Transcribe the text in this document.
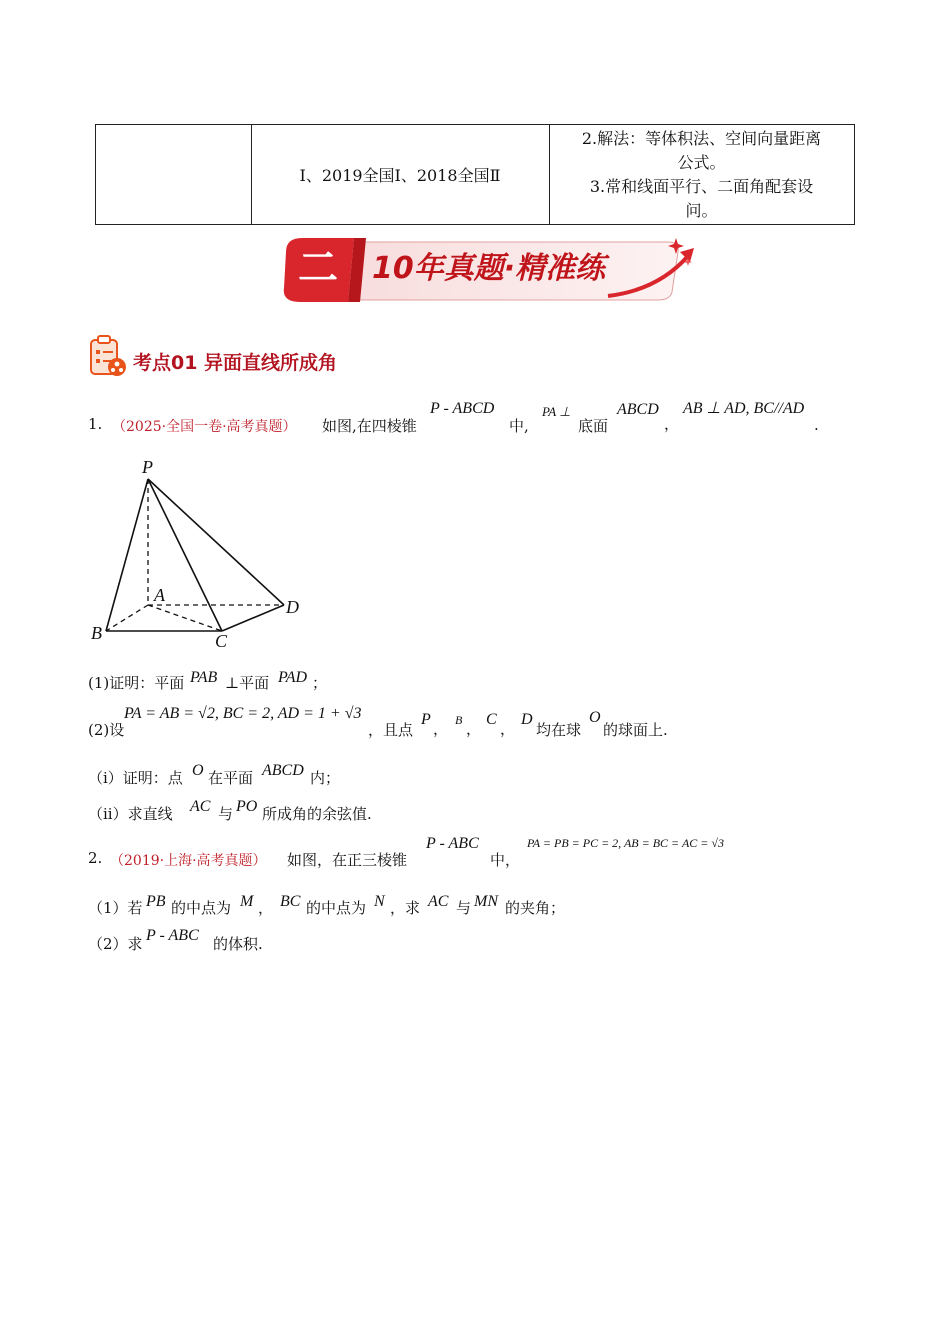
Ⅰ、2019全国Ⅰ、2018全国Ⅱ
2.解法：等体积法、空间向量距离
公式。
3.常和线面平行、二面角配套设
问。
二 10年真题·精准练
考点01 异面直线所成角
1. （2025·全国一卷·高考真题） 如图,在四棱锥
P - ABCD
中,
PA ⊥
底面
ABCD
，
AB ⊥ AD, BC//AD
.
P
A
B	C
D
(1)证明：平面 PAB ⊥平面 PAD ；
(2)设
PA = AB = √2, BC = 2, AD = 1 + √3
，且点
P
， B ，
C
，
D
均在球
O
的球面上.
（i）证明：点 O 在平面 ABCD 内；
（ii）求直线 AC 与 PO 所成角的余弦值.
2. （2019·上海·高考真题） 如图，在正三棱锥
P - ABC
中，
PA = PB = PC = 2, AB = BC = AC = √3
（1）若 PB 的中点为 M ， BC 的中点为 N ，求 AC 与 MN 的夹角；
（2）求 P - ABC 的体积.
